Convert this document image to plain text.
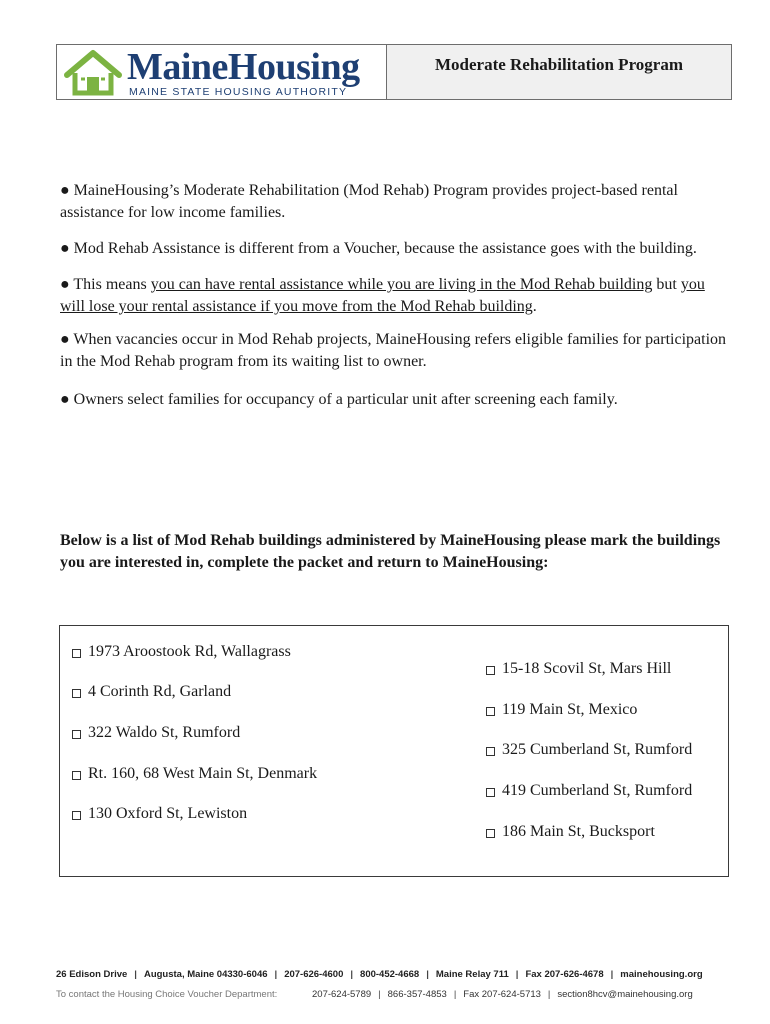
MaineHousing
MAINE STATE HOUSING AUTHORITY
Moderate Rehabilitation Program

● MaineHousing’s Moderate Rehabilitation (Mod Rehab) Program provides project-based rental assistance for low income families.

● Mod Rehab Assistance is different from a Voucher, because the assistance goes with the building.

● This means you can have rental assistance while you are living in the Mod Rehab building but you will lose your rental assistance if you move from the Mod Rehab building.

● When vacancies occur in Mod Rehab projects, MaineHousing refers eligible families for participation in the Mod Rehab program from its waiting list to owner.

● Owners select families for occupancy of a particular unit after screening each family.

Below is a list of Mod Rehab buildings administered by MaineHousing please mark the buildings you are interested in, complete the packet and return to MaineHousing:
1973 Aroostook Rd, Wallagrass
4 Corinth Rd, Garland
322 Waldo St, Rumford
Rt. 160, 68 West Main St, Denmark
130 Oxford St, Lewiston
15-18 Scovil St, Mars Hill
119 Main St, Mexico
325 Cumberland St, Rumford
419 Cumberland St, Rumford
186 Main St, Bucksport
26 Edison Drive | Augusta, Maine 04330-6046 | 207-626-4600 | 800-452-4668 | Maine Relay 711 | Fax 207-626-4678 | mainehousing.org
To contact the Housing Choice Voucher Department:	207-624-5789 | 866-357-4853 | Fax 207-624-5713 | section8hcv@mainehousing.org
